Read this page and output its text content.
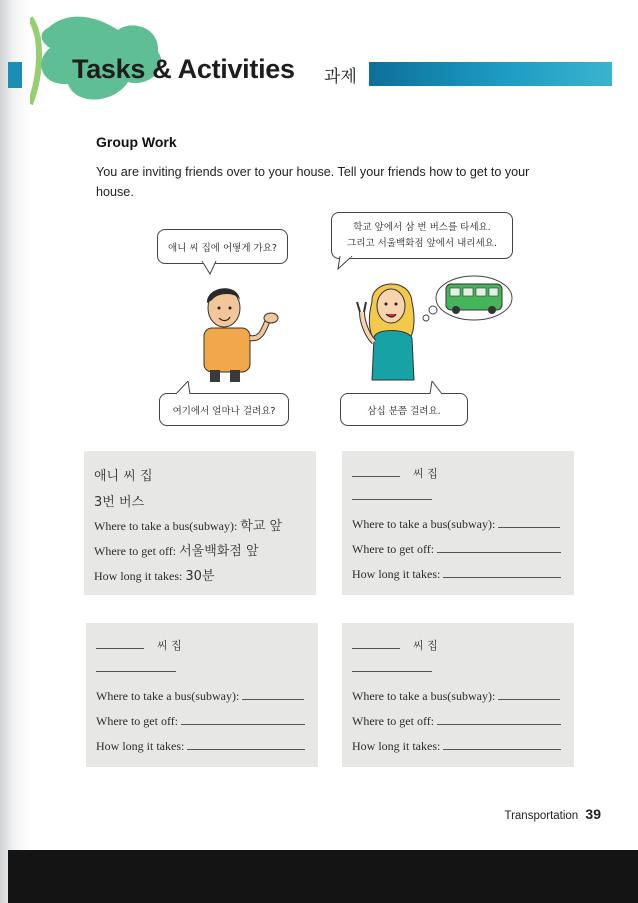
Tasks & Activities 과제
Group Work
You are inviting friends over to your house. Tell your friends how to get to your house.
애니 씨 집에 어떻게 가요?
학교 앞에서 삼 번 버스를 타세요.
그리고 서울백화점 앞에서 내리세요.
여기에서 얼마나 걸려요?	삼십 분쯤 걸려요.
애니 씨 집
3번 버스
Where to take a bus(subway): 학교 앞
Where to get off: 서울백화점 앞
How long it takes: 30분
씨 집
Where to take a bus(subway):
Where to get off:
How long it takes:
씨 집
Where to take a bus(subway):
Where to get off:
How long it takes:
씨 집
Where to take a bus(subway):
Where to get off:
How long it takes:
Transportation 39
